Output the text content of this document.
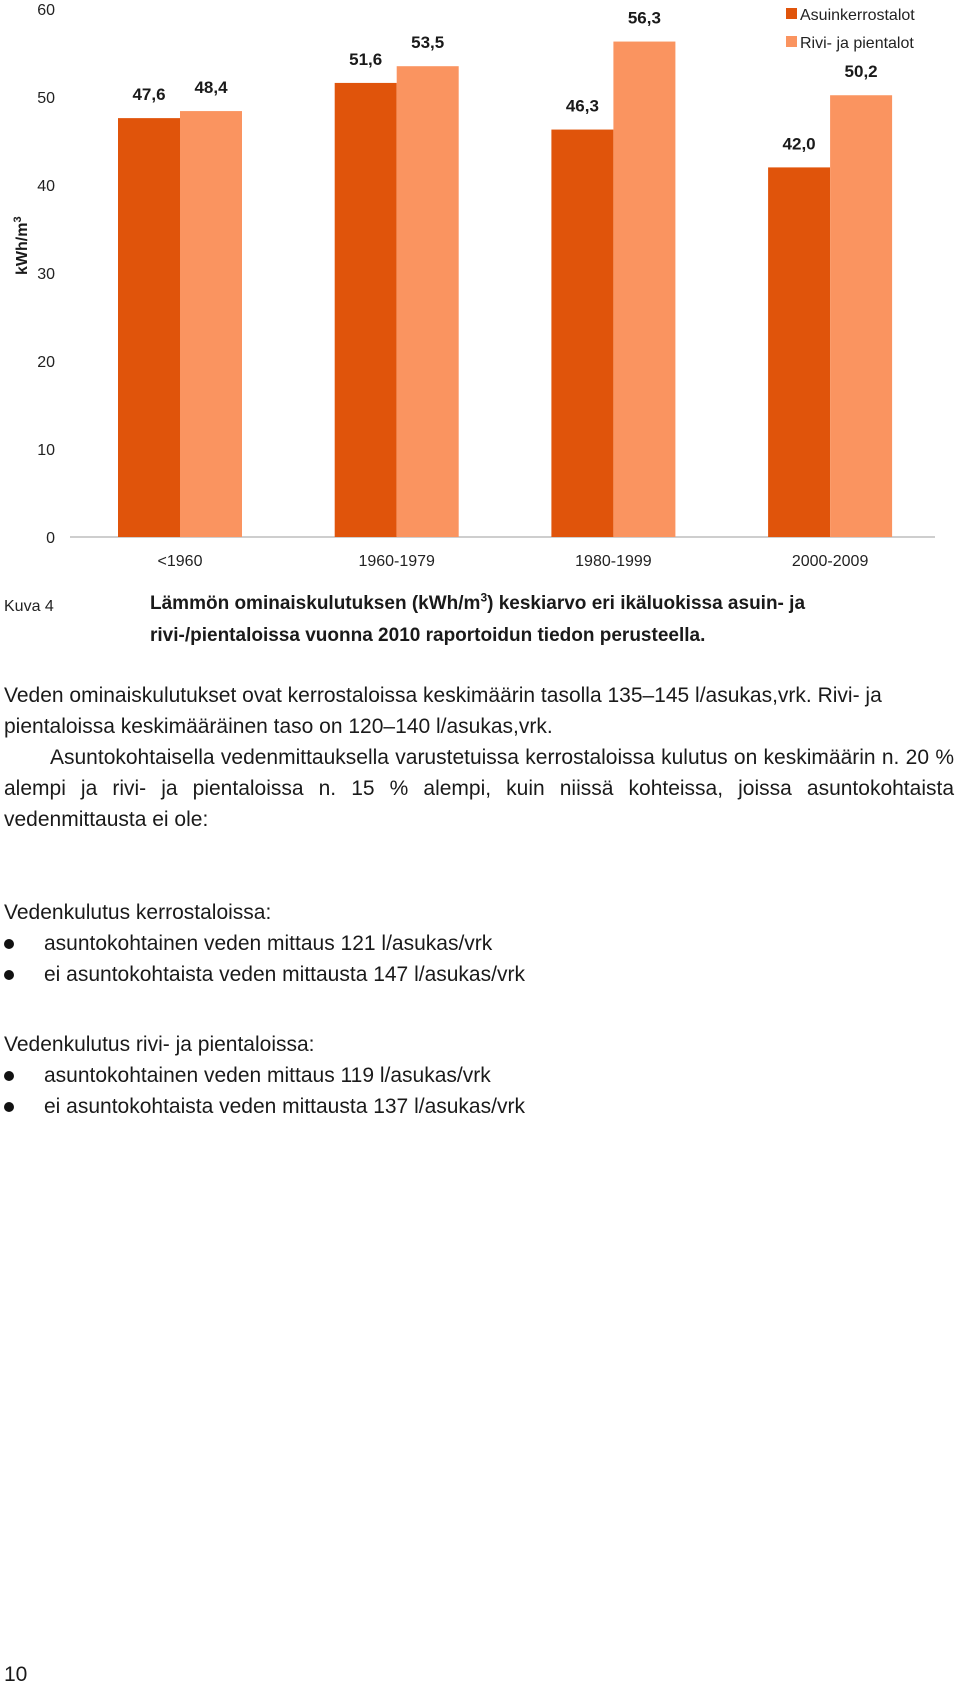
kWh/$m^3$
0
10
20
30
40
50
60
47,6 48,4
51,6
53,5
46,3
56,3
42,0
50,2
<1960	1960-1979	1980-1999	2000-2009
Asuinkerrostalot
Rivi- ja pientalot
Kuva 4	Lämmön ominaiskulutuksen $(kWh/m^3)$ keskiarvo eri ikäluokissa asuin- ja rivi-/pientaloissa vuonna 2010 raportoidun tiedon perusteella.

Veden ominaiskulutukset ovat kerrostaloissa keskimäärin tasolla 135–145 l/asukas,vrk. Rivi- ja pientaloissa keskimääräinen taso on 120–140 l/asukas,vrk.

Asuntokohtaisella vedenmittauksella varustetuissa kerrostaloissa kulutus on keskimäärin n. 20 % alempi ja rivi- ja pientaloissa n. 15 % alempi, kuin niissä kohteissa, joissa asuntokohtaista vedenmittausta ei ole:

Vedenkulutus kerrostaloissa:

asuntokohtainen veden mittaus 121 l/asukas/vrk
ei asuntokohtaista veden mittausta 147 l/asukas/vrk

Vedenkulutus rivi- ja pientaloissa:

asuntokohtainen veden mittaus 119 l/asukas/vrk
ei asuntokohtaista veden mittausta 137 l/asukas/vrk
10
